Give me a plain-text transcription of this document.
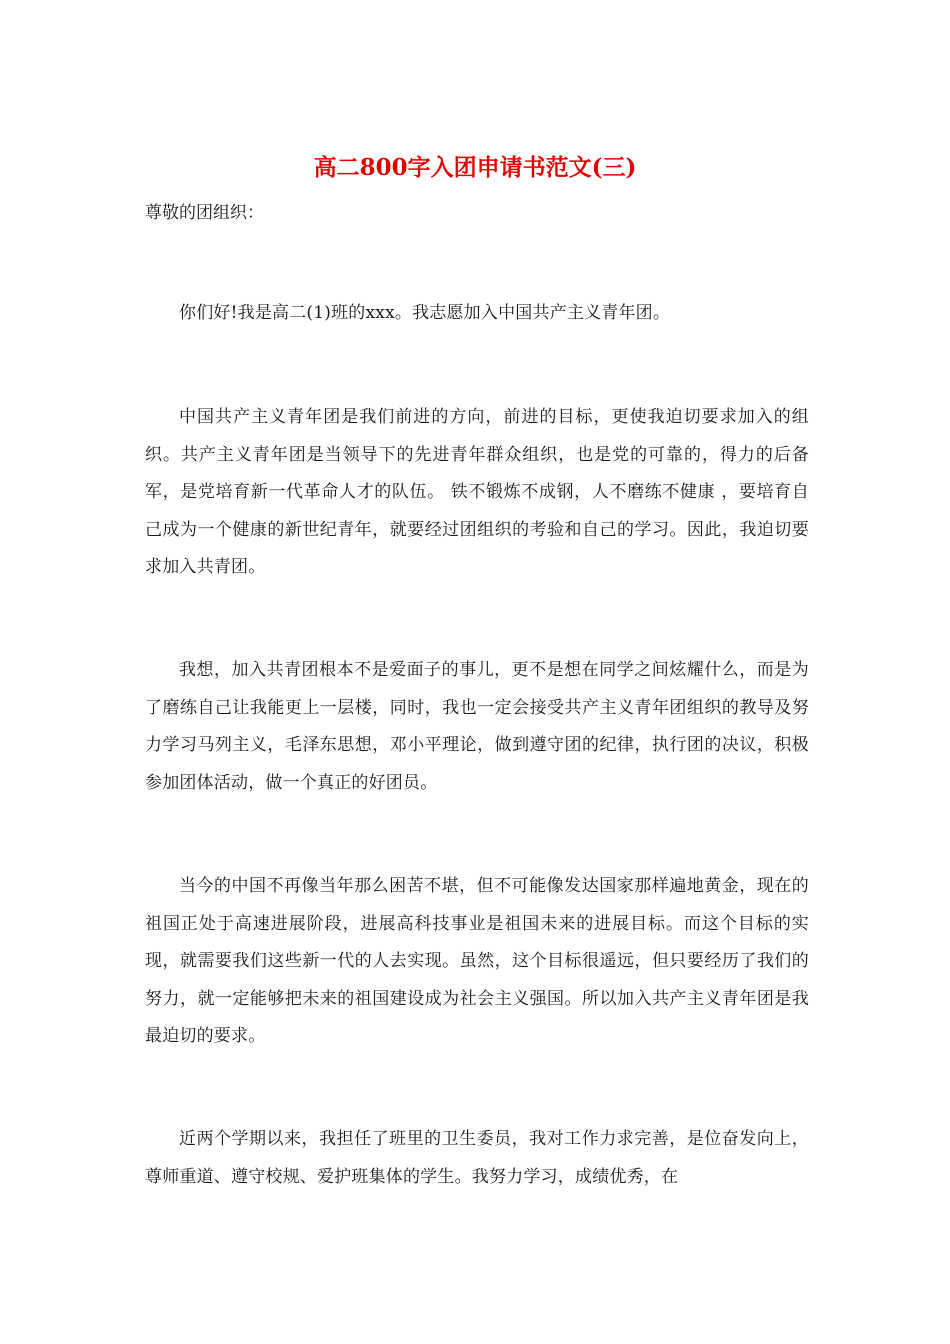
高二800字入团申请书范文(三)

尊敬的团组织：

你们好!我是高二(1)班的xxx。我志愿加入中国共产主义青年团。

中国共产主义青年团是我们前进的方向，前进的目标，更使我迫切要求加入的组织。共产主义青年团是当领导下的先进青年群众组织，也是党的可靠的，得力的后备军，是党培育新一代革命人才的队伍。 铁不锻炼不成钢，人不磨练不健康 ，要培育自己成为一个健康的新世纪青年，就要经过团组织的考验和自己的学习。因此，我迫切要求加入共青团。

我想，加入共青团根本不是爱面子的事儿，更不是想在同学之间炫耀什么，而是为了磨练自己让我能更上一层楼，同时，我也一定会接受共产主义青年团组织的教导及努力学习马列主义，毛泽东思想，邓小平理论，做到遵守团的纪律，执行团的决议，积极参加团体活动，做一个真正的好团员。

当今的中国不再像当年那么困苦不堪，但不可能像发达国家那样遍地黄金，现在的祖国正处于高速进展阶段，进展高科技事业是祖国未来的进展目标。而这个目标的实现，就需要我们这些新一代的人去实现。虽然，这个目标很遥远，但只要经历了我们的努力，就一定能够把未来的祖国建设成为社会主义强国。所以加入共产主义青年团是我最迫切的要求。

近两个学期以来，我担任了班里的卫生委员，我对工作力求完善，是位奋发向上，尊师重道、遵守校规、爱护班集体的学生。我努力学习，成绩优秀，在
